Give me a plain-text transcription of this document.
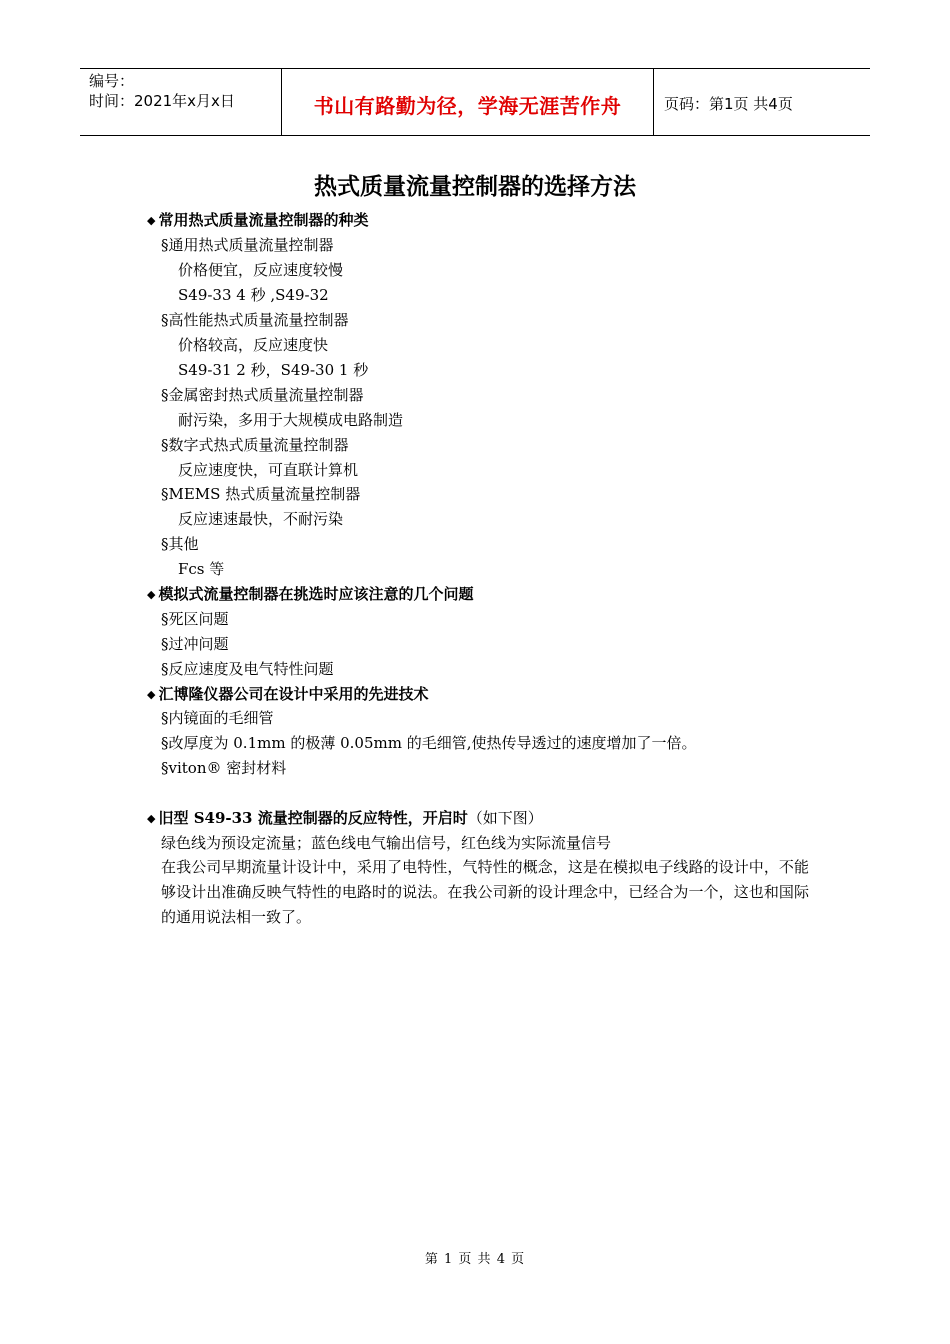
编号：
时间：2021年x月x日	书山有路勤为径，学海无涯苦作舟	页码：第1页 共4页
热式质量流量控制器的选择方法
◆ 常用热式质量流量控制器的种类
§通用热式质量流量控制器
价格便宜，反应速度较慢
S49-33 4 秒 ,S49-32
§高性能热式质量流量控制器
价格较高，反应速度快
S49-31 2 秒，S49-30 1 秒
§金属密封热式质量流量控制器
耐污染，多用于大规模成电路制造
§数字式热式质量流量控制器
反应速度快，可直联计算机
§MEMS 热式质量流量控制器
反应速速最快，不耐污染
§其他
Fcs 等
◆ 模拟式流量控制器在挑选时应该注意的几个问题
§死区问题
§过冲问题
§反应速度及电气特性问题
◆ 汇博隆仪器公司在设计中采用的先进技术
§内镜面的毛细管
§改厚度为 0.1mm 的极薄 0.05mm 的毛细管,使热传导透过的速度增加了一倍。
§viton® 密封材料
◆ 旧型 S49-33 流量控制器的反应特性，开启时（如下图）
绿色线为预设定流量；蓝色线电气输出信号，红色线为实际流量信号
在我公司早期流量计设计中，采用了电特性，气特性的概念，这是在模拟电子线路的设计中，不能够设计出准确反映气特性的电路时的说法。在我公司新的设计理念中，已经合为一个，这也和国际的通用说法相一致了。
第 1 页 共 4 页
